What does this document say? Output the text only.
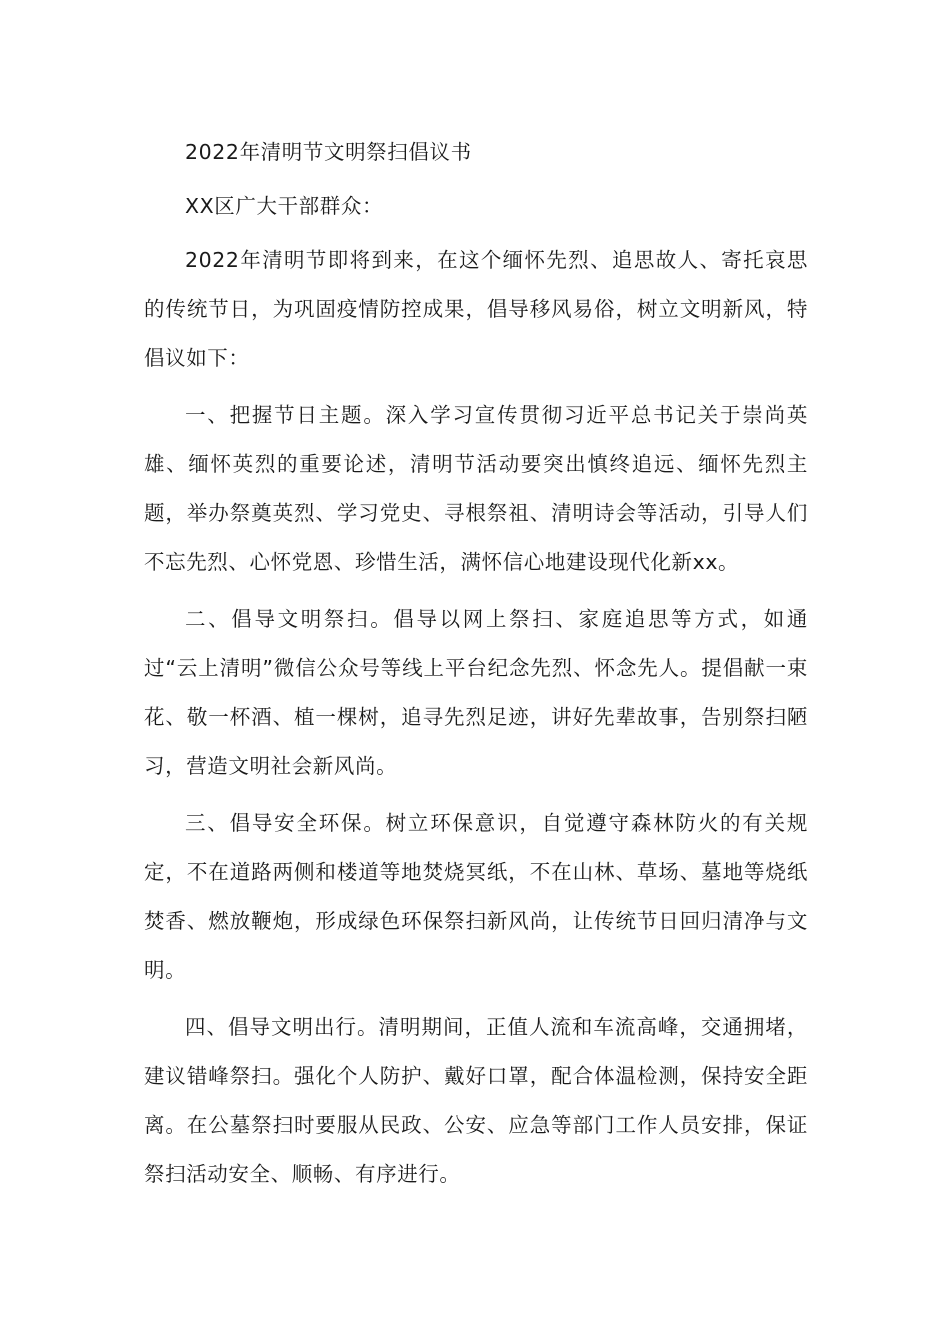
2022年清明节文明祭扫倡议书

XX区广大干部群众：

2022年清明节即将到来，在这个缅怀先烈、追思故人、寄托哀思的传统节日，为巩固疫情防控成果，倡导移风易俗，树立文明新风，特倡议如下：

一、把握节日主题。深入学习宣传贯彻习近平总书记关于崇尚英雄、缅怀英烈的重要论述，清明节活动要突出慎终追远、缅怀先烈主题，举办祭奠英烈、学习党史、寻根祭祖、清明诗会等活动，引导人们不忘先烈、心怀党恩、珍惜生活，满怀信心地建设现代化新xx。

二、倡导文明祭扫。倡导以网上祭扫、家庭追思等方式，如通过“云上清明”微信公众号等线上平台纪念先烈、怀念先人。提倡献一束花、敬一杯酒、植一棵树，追寻先烈足迹，讲好先辈故事，告别祭扫陋习，营造文明社会新风尚。

三、倡导安全环保。树立环保意识，自觉遵守森林防火的有关规定，不在道路两侧和楼道等地焚烧冥纸，不在山林、草场、墓地等烧纸焚香、燃放鞭炮，形成绿色环保祭扫新风尚，让传统节日回归清净与文明。

四、倡导文明出行。清明期间，正值人流和车流高峰，交通拥堵，建议错峰祭扫。强化个人防护、戴好口罩，配合体温检测，保持安全距离。在公墓祭扫时要服从民政、公安、应急等部门工作人员安排，保证祭扫活动安全、顺畅、有序进行。
